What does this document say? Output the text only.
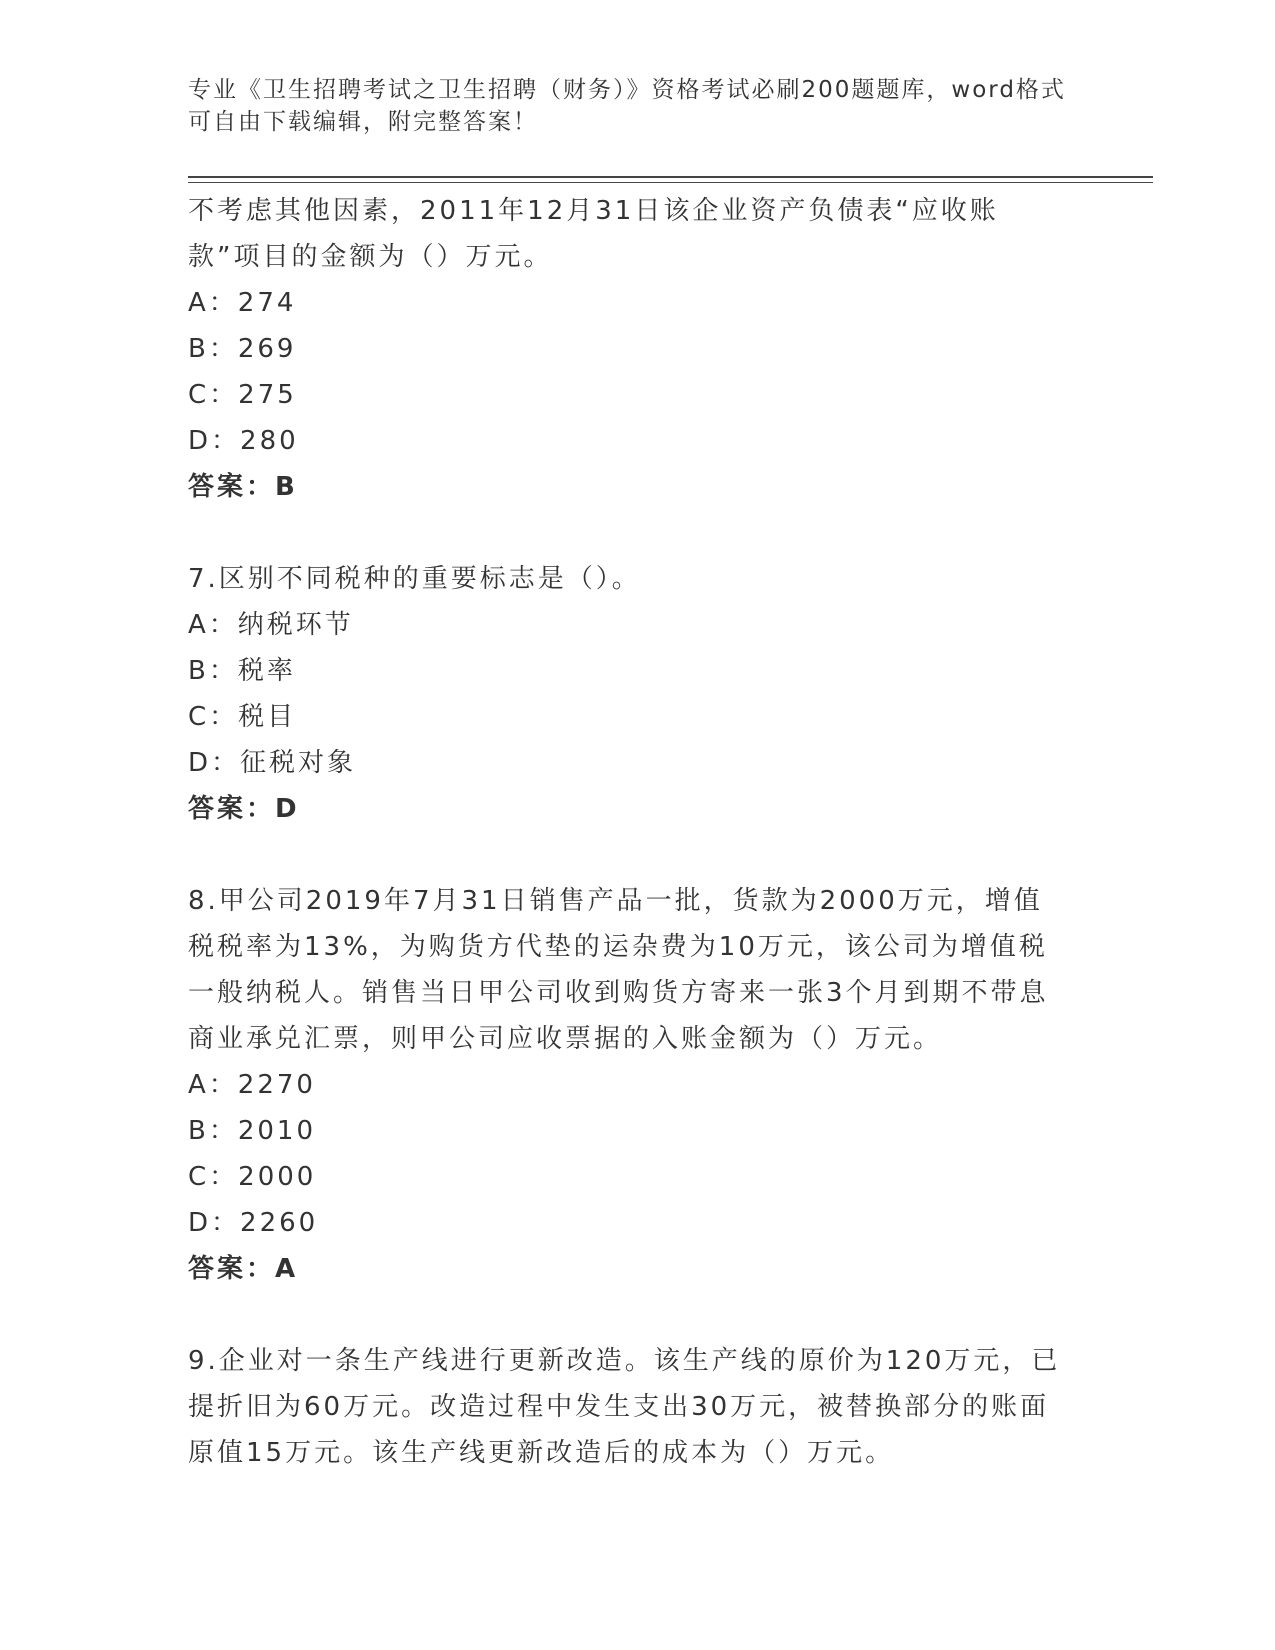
专业《卫生招聘考试之卫生招聘（财务）》资格考试必刷200题题库，word格式可自由下载编辑，附完整答案！

不考虑其他因素，2011年12月31日该企业资产负债表“应收账款”项目的金额为（）万元。

A：274

B：269

C：275

D：280

答案：B

7.区别不同税种的重要标志是（）。

A：纳税环节

B：税率

C：税目

D：征税对象

答案：D

8.甲公司2019年7月31日销售产品一批，货款为2000万元，增值税税率为13%，为购货方代垫的运杂费为10万元，该公司为增值税一般纳税人。销售当日甲公司收到购货方寄来一张3个月到期不带息商业承兑汇票，则甲公司应收票据的入账金额为（）万元。

A：2270

B：2010

C：2000

D：2260

答案：A

9.企业对一条生产线进行更新改造。该生产线的原价为120万元，已提折旧为60万元。改造过程中发生支出30万元，被替换部分的账面原值15万元。该生产线更新改造后的成本为（）万元。
